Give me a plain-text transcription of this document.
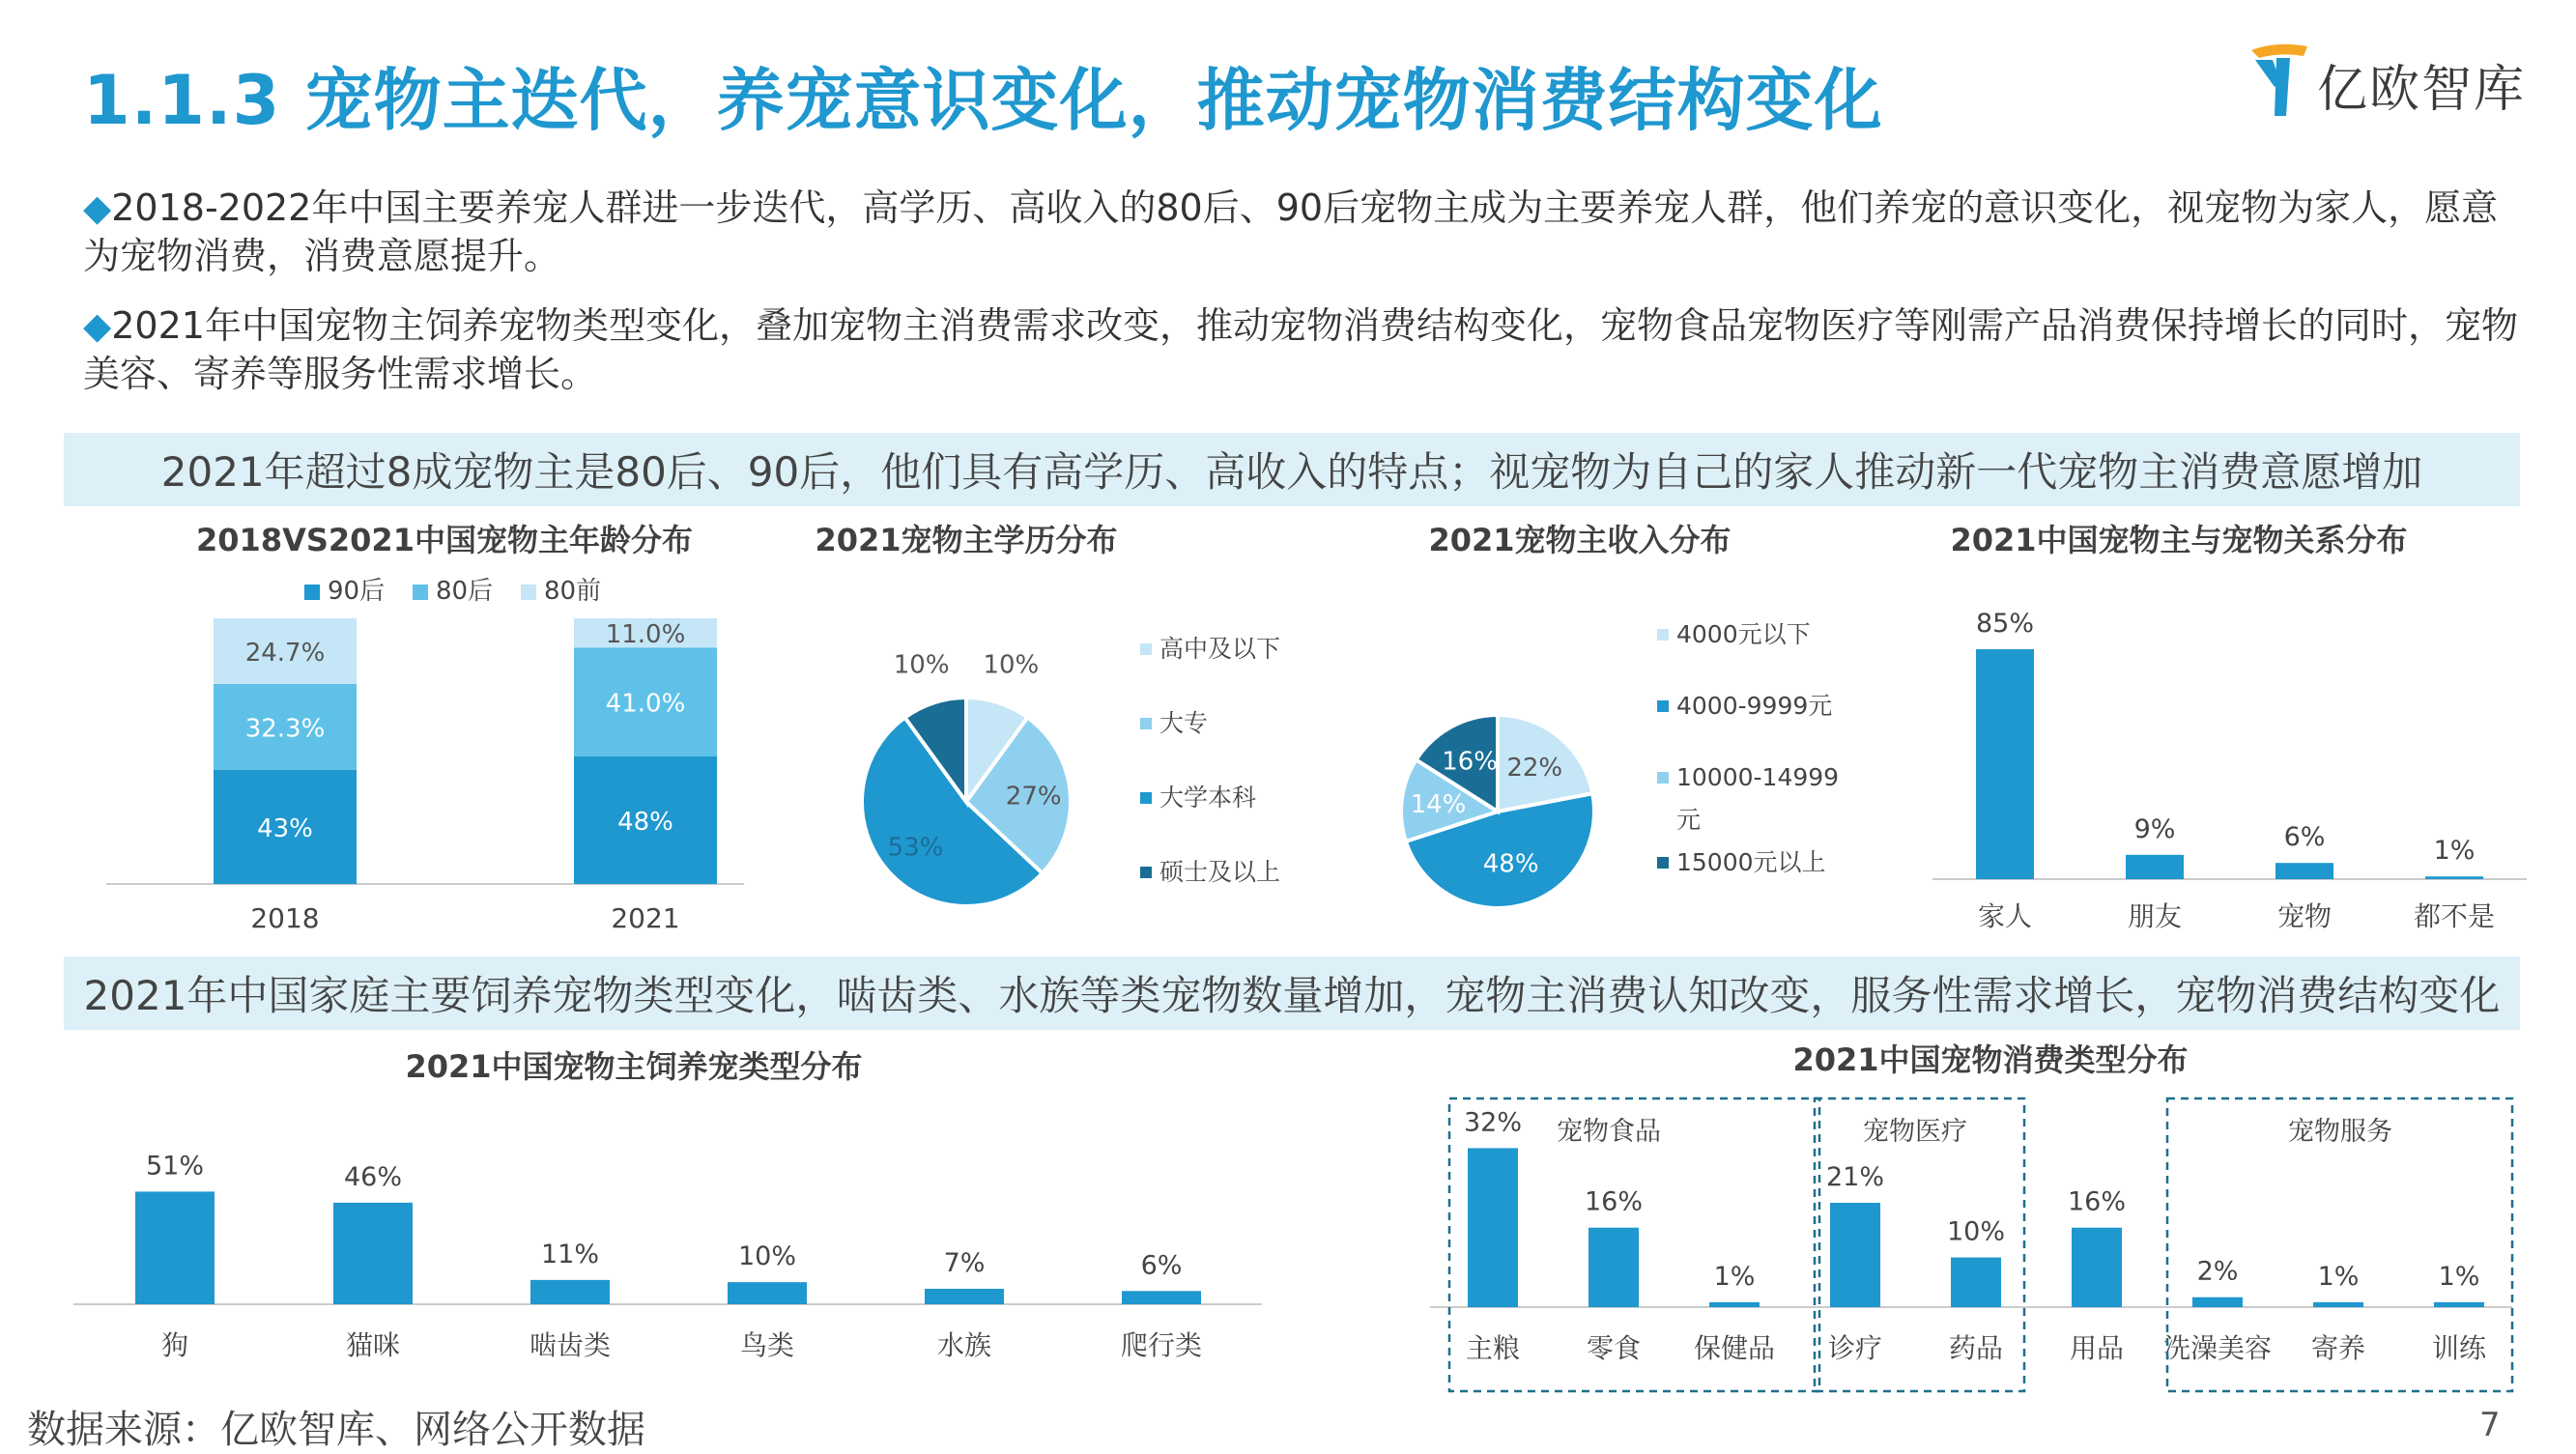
1.1.3 宠物主迭代，养宠意识变化，推动宠物消费结构变化	亿欧智库
◆2018-2022年中国主要养宠人群进一步迭代，高学历、高收入的80后、90后宠物主成为主要养宠人群，他们养宠的意识变化，视宠物为家人，愿意为宠物消费，消费意愿提升。
◆2021年中国宠物主饲养宠物类型变化，叠加宠物主消费需求改变，推动宠物消费结构变化，宠物食品宠物医疗等刚需产品消费保持增长的同时，宠物美容、寄养等服务性需求增长。
2021年超过8成宠物主是80后、90后，他们具有高学历、高收入的特点；视宠物为自己的家人推动新一代宠物主消费意愿增加
2021年中国家庭主要饲养宠物类型变化，啮齿类、水族等类宠物数量增加，宠物主消费认知改变，服务性需求增长，宠物消费结构变化
2018VS2021中国宠物主年龄分布
90后 80后 80前
43%
32.3%
24.7%
2018
48%
41.0%
11.0%
2021
2021宠物主学历分布
10%
27%
53%
10%
高中及以下
大专
大学本科
硕士及以上
2021宠物主收入分布
22%
48%
14%
16%
4000元以下
4000-9999元
10000-14999
元
15000元以上
2021中国宠物主与宠物关系分布
85%
家人
9%
朋友
6%
宠物
1%
都不是
2021中国宠物主饲养宠类型分布
51%
狗
46%
猫咪
11%
啮齿类
10%
鸟类
7%
水族
6%
爬行类
2021中国宠物消费类型分布
32%
主粮
16%
零食
1%
保健品
21%
诊疗
10%
药品
16%
用品
2%
洗澡美容
1%
寄养
1%
训练
宠物食品	宠物医疗	宠物服务
数据来源：亿欧智库、网络公开数据	7
